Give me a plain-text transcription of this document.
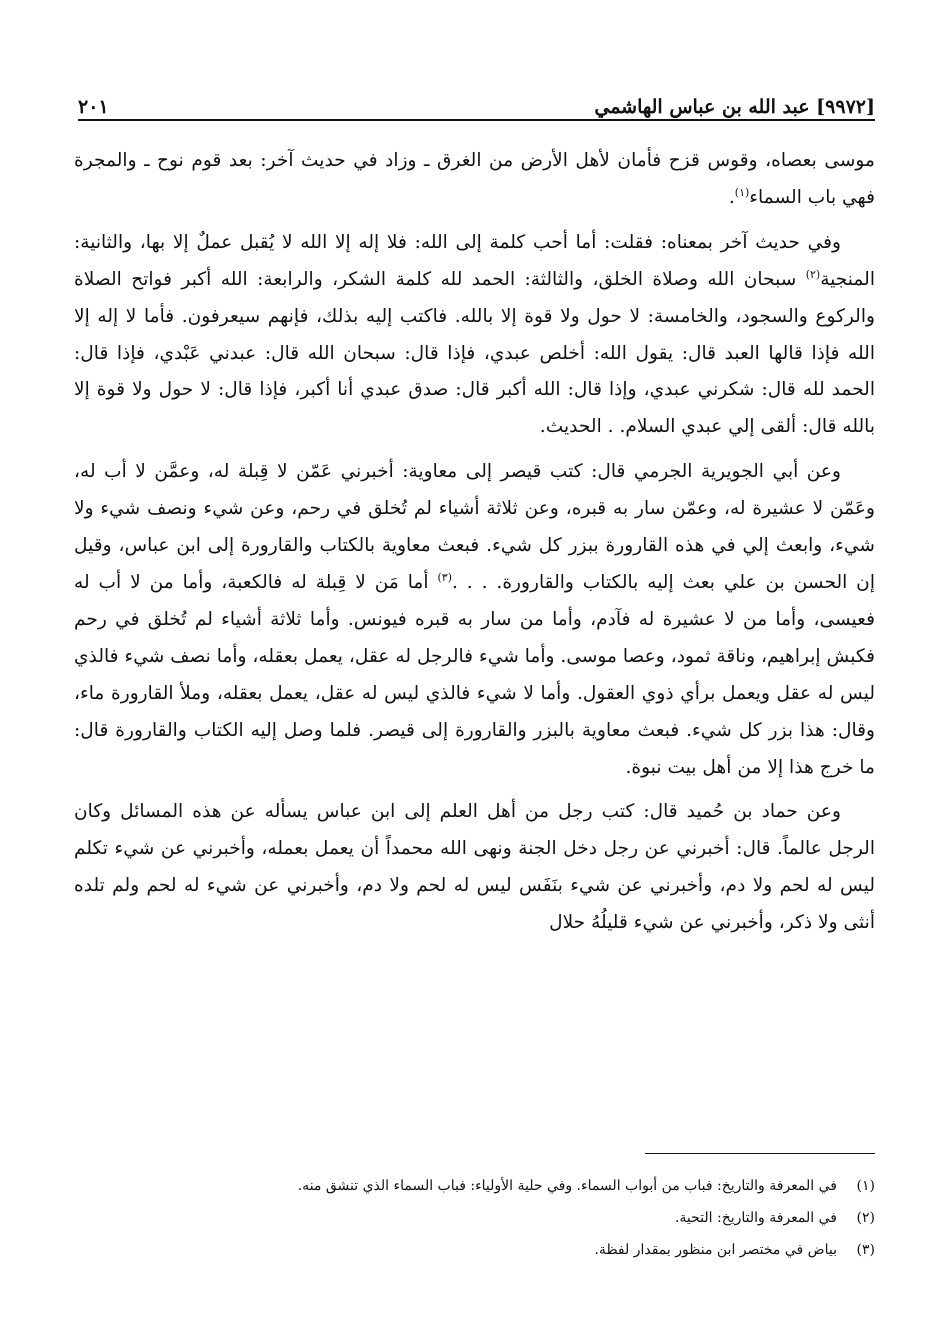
[٩٩٧٢] عبد الله بن عباس الهاشمي
٢٠١

موسى بعصاه، وقوس قزح فأمان لأهل الأرض من الغرق ـ وزاد في حديث آخر: بعد قوم نوح ـ والمجرة فهي باب السماء$^{(١)}$.

وفي حديث آخر بمعناه: فقلت: أما أحب كلمة إلى الله: فلا إله إلا الله لا يُقبل عملٌ إلا بها، والثانية: المنجية$^{(٢)}$ سبحان الله وصلاة الخلق، والثالثة: الحمد لله كلمة الشكر، والرابعة: الله أكبر فواتح الصلاة والركوع والسجود، والخامسة: لا حول ولا قوة إلا بالله. فاكتب إليه بذلك، فإنهم سيعرفون. فأما لا إله إلا الله فإذا قالها العبد قال: يقول الله: أخلص عبدي، فإذا قال: سبحان الله قال: عبدني عَبْدي، فإذا قال: الحمد لله قال: شكرني عبدي، وإذا قال: الله أكبر قال: صدق عبدي أنا أكبر، فإذا قال: لا حول ولا قوة إلا بالله قال: ألقى إلي عبدي السلام. . الحديث.

وعن أبي الجويرية الجرمي قال: كتب قيصر إلى معاوية: أخبرني عَمّن لا قِبلة له، وعمَّن لا أب له، وعَمّن لا عشيرة له، وعمّن سار به قبره، وعن ثلاثة أشياء لم تُخلق في رحم، وعن شيء ونصف شيء ولا شيء، وابعث إلي في هذه القارورة ببزر كل شيء. فبعث معاوية بالكتاب والقارورة إلى ابن عباس، وقيل إن الحسن بن علي بعث إليه بالكتاب والقارورة. . . .$^{(٣)}$ أما مَن لا قِبلة له فالكعبة، وأما من لا أب له فعيسى، وأما من لا عشيرة له فآدم، وأما من سار به قبره فيونس. وأما ثلاثة أشياء لم تُخلق في رحم فكبش إبراهيم، وناقة ثمود، وعصا موسى. وأما شيء فالرجل له عقل، يعمل بعقله، وأما نصف شيء فالذي ليس له عقل ويعمل برأي ذوي العقول. وأما لا شيء فالذي ليس له عقل، يعمل بعقله، وملأ القارورة ماء، وقال: هذا بزر كل شيء. فبعث معاوية بالبزر والقارورة إلى قيصر. فلما وصل إليه الكتاب والقارورة قال: ما خرج هذا إلا من أهل بيت نبوة.

وعن حماد بن حُميد قال: كتب رجل من أهل العلم إلى ابن عباس يسأله عن هذه المسائل وكان الرجل عالماً. قال: أخبرني عن رجل دخل الجنة ونهى الله محمداً أن يعمل بعمله، وأخبرني عن شيء تكلم ليس له لحم ولا دم، وأخبرني عن شيء بنَفَس ليس له لحم ولا دم، وأخبرني عن شيء له لحم ولم تلده أنثى ولا ذكر، وأخبرني عن شيء قليلُهُ حلال

(١)
في المعرفة والتاريخ: فباب من أبواب السماء. وفي حلية الأولياء: فباب السماء الذي تنشق منه.
(٢)
في المعرفة والتاريخ: التحية.
(٣)
بياض في مختصر ابن منظور بمقدار لفظة.
